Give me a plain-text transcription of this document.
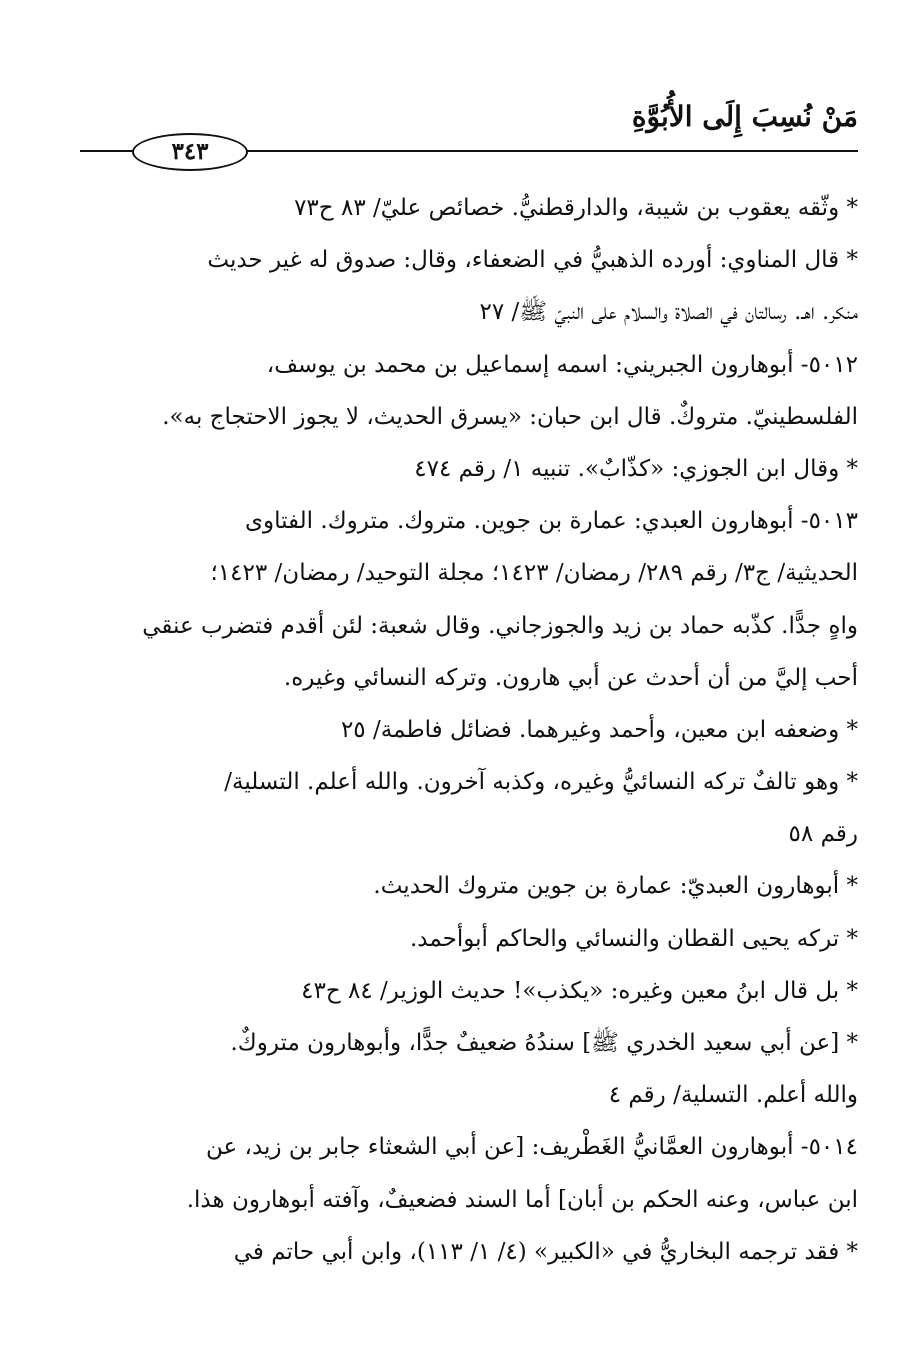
مَنْ نُسِبَ إِلَى الأُبُوَّةِ
٣٤٣
* وثّقه يعقوب بن شيبة، والدارقطنيُّ. خصائص عليّ/ ٨٣ ح٧٣
* قال المناوي: أورده الذهبيُّ في الضعفاء، وقال: صدوق له غير حديث
منكر. اهـ. رسالتان في الصلاة والسلام على النبيّ ﷺ/ ٢٧
٥٠١٢- أبوهارون الجبريني: اسمه إسماعيل بن محمد بن يوسف،
الفلسطينيّ. متروكٌ. قال ابن حبان: «يسرق الحديث، لا يجوز الاحتجاج به».
* وقال ابن الجوزي: «كذّابٌ». تنبيه ١/ رقم ٤٧٤
٥٠١٣- أبوهارون العبدي: عمارة بن جوين. متروك. متروك. الفتاوى
الحديثية/ ج٣/ رقم ٢٨٩/ رمضان/ ١٤٢٣؛ مجلة التوحيد/ رمضان/ ١٤٢٣؛
واهٍ جدًّا. كذّبه حماد بن زيد والجوزجاني. وقال شعبة: لئن أقدم فتضرب عنقي
أحب إليَّ من أن أحدث عن أبي هارون. وتركه النسائي وغيره.
* وضعفه ابن معين، وأحمد وغيرهما. فضائل فاطمة/ ٢٥
* وهو تالفٌ تركه النسائيُّ وغيره، وكذبه آخرون. والله أعلم. التسلية/
رقم ٥٨
* أبوهارون العبديّ: عمارة بن جوين متروك الحديث.
* تركه يحيى القطان والنسائي والحاكم أبوأحمد.
* بل قال ابنُ معين وغيره: «يكذب»! حديث الوزير/ ٨٤ ح٤٣
* [عن أبي سعيد الخدري ﷺ] سندُهُ ضعيفٌ جدًّا، وأبوهارون متروكٌ.
والله أعلم. التسلية/ رقم ٤
٥٠١٤- أبوهارون العمَّانيُّ الغَطْريف: [عن أبي الشعثاء جابر بن زيد، عن
ابن عباس، وعنه الحكم بن أبان] أما السند فضعيفٌ، وآفته أبوهارون هذا.
* فقد ترجمه البخاريُّ في «الكبير» (٤/ ١/ ١١٣)، وابن أبي حاتم في
